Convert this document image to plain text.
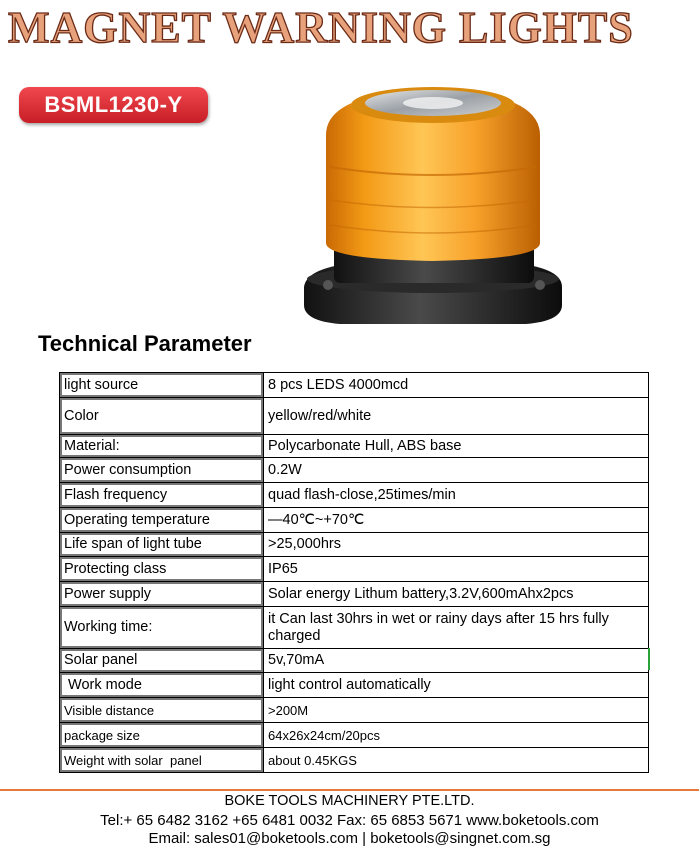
MAGNET WARNING LIGHTS
BSML1230-Y
Technical Parameter
light source	8 pcs LEDS 4000mcd
Color	yellow/red/white
Material:	Polycarbonate Hull, ABS base
Power consumption	0.2W
Flash frequency	quad flash-close,25times/min
Operating temperature	—40℃~+70℃
Life span of light tube	>25,000hrs
Protecting class	IP65
Power supply	Solar energy Lithum battery,3.2V,600mAhx2pcs
Working time:	it Can last 30hrs in wet or rainy days after 15 hrs fully charged
Solar panel	5v,70mA
Work mode	light control automatically
Visible distance	>200M
package size	64x26x24cm/20pcs
Weight with solar  panel	about 0.45KGS
BOKE TOOLS MACHINERY PTE.LTD.
Tel:+ 65 6482 3162 +65 6481 0032 Fax: 65 6853 5671 www.boketools.com
Email: sales01@boketools.com | boketools@singnet.com.sg
